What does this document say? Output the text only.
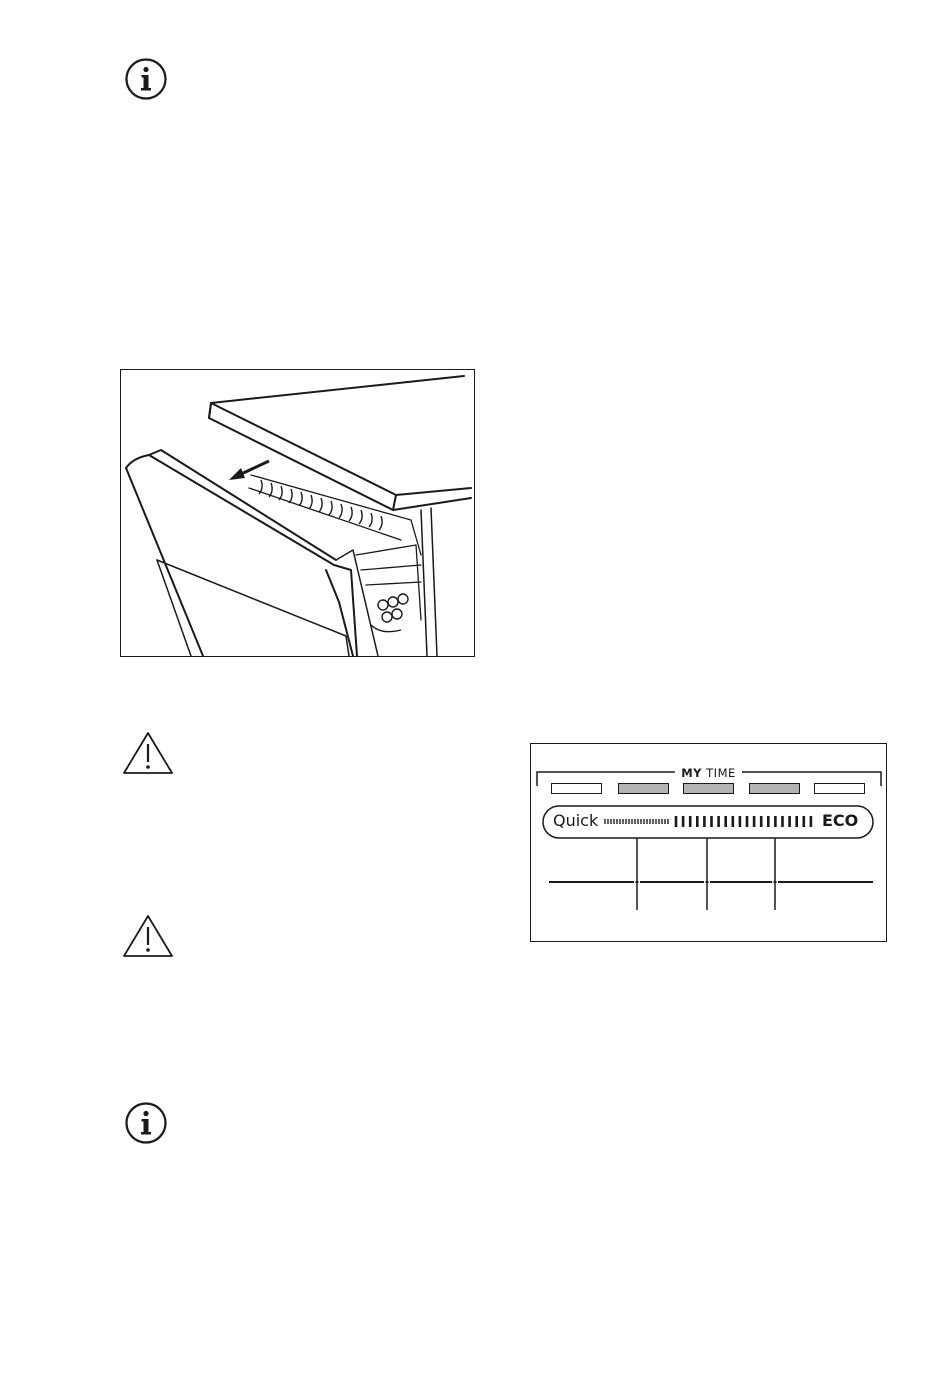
MY TIME
Quick	ECO
